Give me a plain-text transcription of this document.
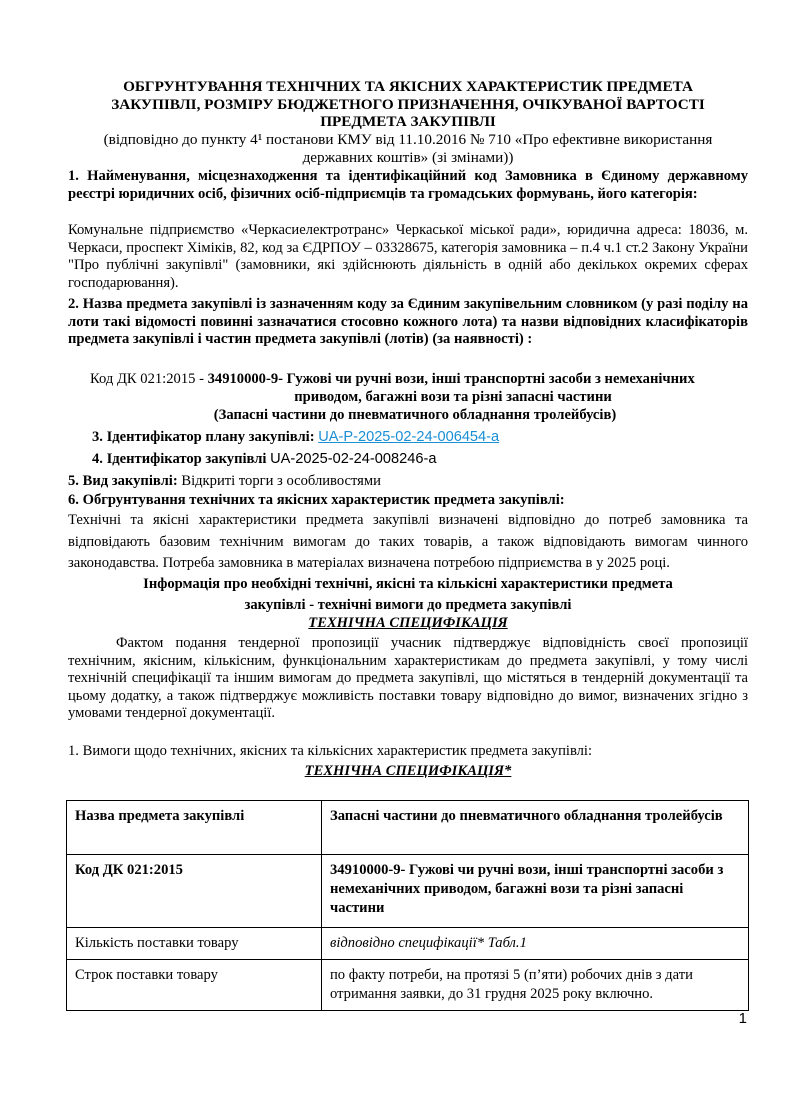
ОБГРУНТУВАННЯ ТЕХНІЧНИХ ТА ЯКІСНИХ ХАРАКТЕРИСТИК ПРЕДМЕТА
ЗАКУПІВЛІ, РОЗМІРУ БЮДЖЕТНОГО ПРИЗНАЧЕННЯ, ОЧІКУВАНОЇ ВАРТОСТІ
ПРЕДМЕТА ЗАКУПІВЛІ
(відповідно до пункту 4¹ постанови КМУ від 11.10.2016 № 710 «Про ефективне використання
державних коштів» (зі змінами))

1. Найменування, місцезнаходження та ідентифікаційний код Замовника в Єдиному державному реєстрі юридичних осіб, фізичних осіб-підприємців та громадських формувань, його категорія:

Комунальне підприємство «Черкасиелектротранс» Черкаської міської ради», юридична адреса: 18036, м. Черкаси, проспект Хіміків, 82, код за ЄДРПОУ – 03328675, категорія замовника – п.4 ч.1 ст.2 Закону України "Про публічні закупівлі" (замовники, які здійснюють діяльність в одній або декількох окремих сферах господарювання).

2. Назва предмета закупівлі із зазначенням коду за Єдиним закупівельним словником (у разі поділу на лоти такі відомості повинні зазначатися стосовно кожного лота) та назви відповідних класифікаторів предмета закупівлі і частин предмета закупівлі (лотів) (за наявності) :

Код ДК 021:2015 - 34910000-9- Гужові чи ручні вози, інші транспортні засоби з немеханічних
приводом, багажні вози та різні запасні частини
(Запасні частини до пневматичного обладнання тролейбусів)
3. Ідентифікатор плану закупівлі: UA-P-2025-02-24-006454-a
4. Ідентифікатор закупівлі UA-2025-02-24-008246-a
5. Вид закупівлі: Відкриті торги з особливостями

6. Обгрунтування технічних та якісних характеристик предмета закупівлі:

Технічні та якісні характеристики предмета закупівлі визначені відповідно до потреб замовника та відповідають базовим технічним вимогам до таких товарів, а також відповідають вимогам чинного законодавства. Потреба замовника в матеріалах визначена потребою підприємства в у 2025 році.

Інформація про необхідні технічні, якісні та кількісні характеристики предмета
закупівлі - технічні вимоги до предмета закупівлі
ТЕХНІЧНА СПЕЦИФІКАЦІЯ

Фактом подання тендерної пропозиції учасник підтверджує відповідність своєї пропозиції технічним, якісним, кількісним, функціональним характеристикам до предмета закупівлі, у тому числі технічній специфікації та іншим вимогам до предмета закупівлі, що містяться в тендерній документації та цьому додатку, а також підтверджує можливість поставки товару відповідно до вимог, визначених згідно з умовами тендерної документації.

1. Вимоги щодо технічних, якісних та кількісних характеристик предмета закупівлі:

ТЕХНІЧНА СПЕЦИФІКАЦІЯ*
Назва предмета закупівлі	Запасні частини до пневматичного обладнання тролейбусів
Код ДК 021:2015	34910000-9- Гужові чи ручні вози, інші транспортні засоби з немеханічних приводом, багажні вози та різні запасні частини
Кількість поставки товару	відповідно специфікації* Табл.1
Строк поставки товару	по факту потреби, на протязі 5 (п’яти) робочих днів з дати отримання заявки, до 31 грудня 2025 року включно.
1
